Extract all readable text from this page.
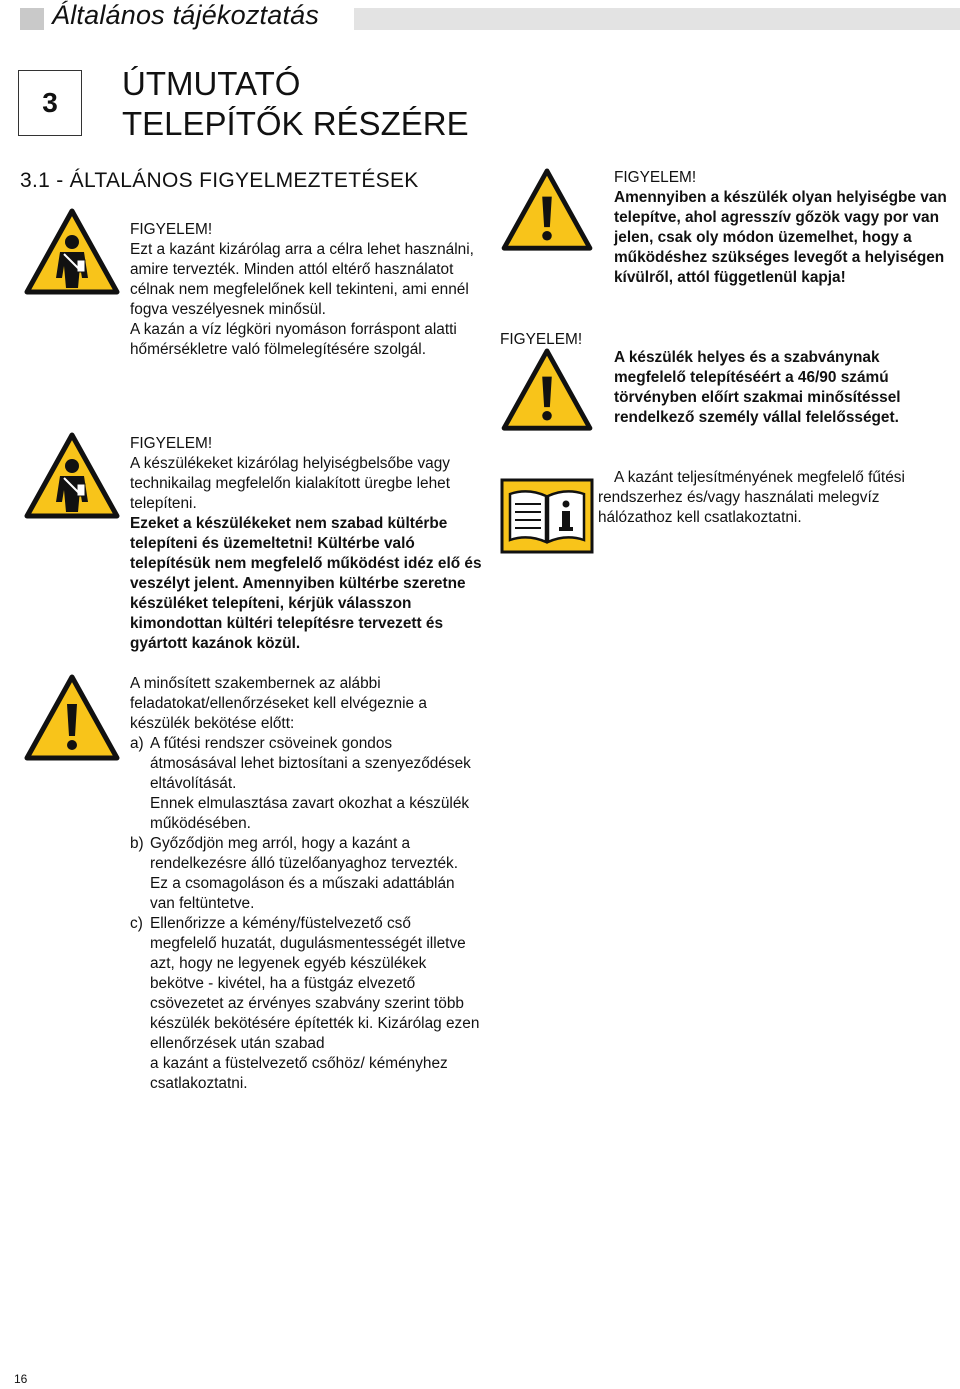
Általános tájékoztatás
3
ÚTMUTATÓ
TELEPÍTŐK RÉSZÉRE
3.1 - ÁLTALÁNOS FIGYELMEZTETÉSEK

FIGYELEM!

Ezt a kazánt kizárólag arra a célra lehet használni, amire tervezték. Minden attól eltérő használatot célnak nem megfelelőnek kell tekinteni, ami ennél fogva veszélyesnek minősül.

A kazán a víz légköri nyomáson forráspont alatti hőmérsékletre való fölmelegítésére szolgál.

FIGYELEM!

A készülékeket kizárólag helyiségbelsőbe vagy technikailag megfelelőn kialakított üregbe lehet telepíteni.

Ezeket a készülékeket nem szabad kültérbe telepíteni és üzemeltetni! Kültérbe való telepítésük nem megfelelő működést idéz elő és veszélyt jelent. Amennyiben kültérbe szeretne készüléket telepíteni, kérjük válasszon kimondottan kültéri telepítésre tervezett és gyártott kazánok közül.

A minősített szakembernek az alábbi feladatokat/ellenőrzéseket kell elvégeznie a készülék bekötése előtt:

a) A fűtési rendszer csöveinek gondos átmosásával lehet biztosítani a szenyeződések eltávolítását.
Ennek elmulasztása zavart okozhat a készülék működésében.
b) Győződjön meg arról, hogy a kazánt a rendelkezésre álló tüzelőanyaghoz tervezték. Ez a csomagoláson és a műszaki adattáblán van feltüntetve.
c) Ellenőrizze a kémény/füstelvezető cső megfelelő huzatát, dugulásmentességét illetve azt, hogy ne legyenek egyéb készülékek bekötve - kivétel, ha a füstgáz elvezető csövezetet az érvényes szabvány szerint több készülék bekötésére építették ki. Kizárólag ezen ellenőrzések után szabad
a kazánt a füstelvezető csőhöz/ kéményhez csatlakoztatni.
FIGYELEM!

FIGYELEM!

Amennyiben a készülék olyan helyiségbe van telepítve, ahol agresszív gőzök vagy por van jelen, csak oly módon üzemelhet, hogy a működéshez szükséges levegőt a helyiségen kívülről, attól függetlenül kapja!

A készülék helyes és a szabványnak megfelelő telepítéséért a 46/90 számú törvényben előírt szakmai minősítéssel rendelkező személy vállal felelősséget.

A kazánt teljesítményének megfelelő fűtési rendszerhez és/vagy használati melegvíz hálózathoz kell csatlakoztatni.

16
